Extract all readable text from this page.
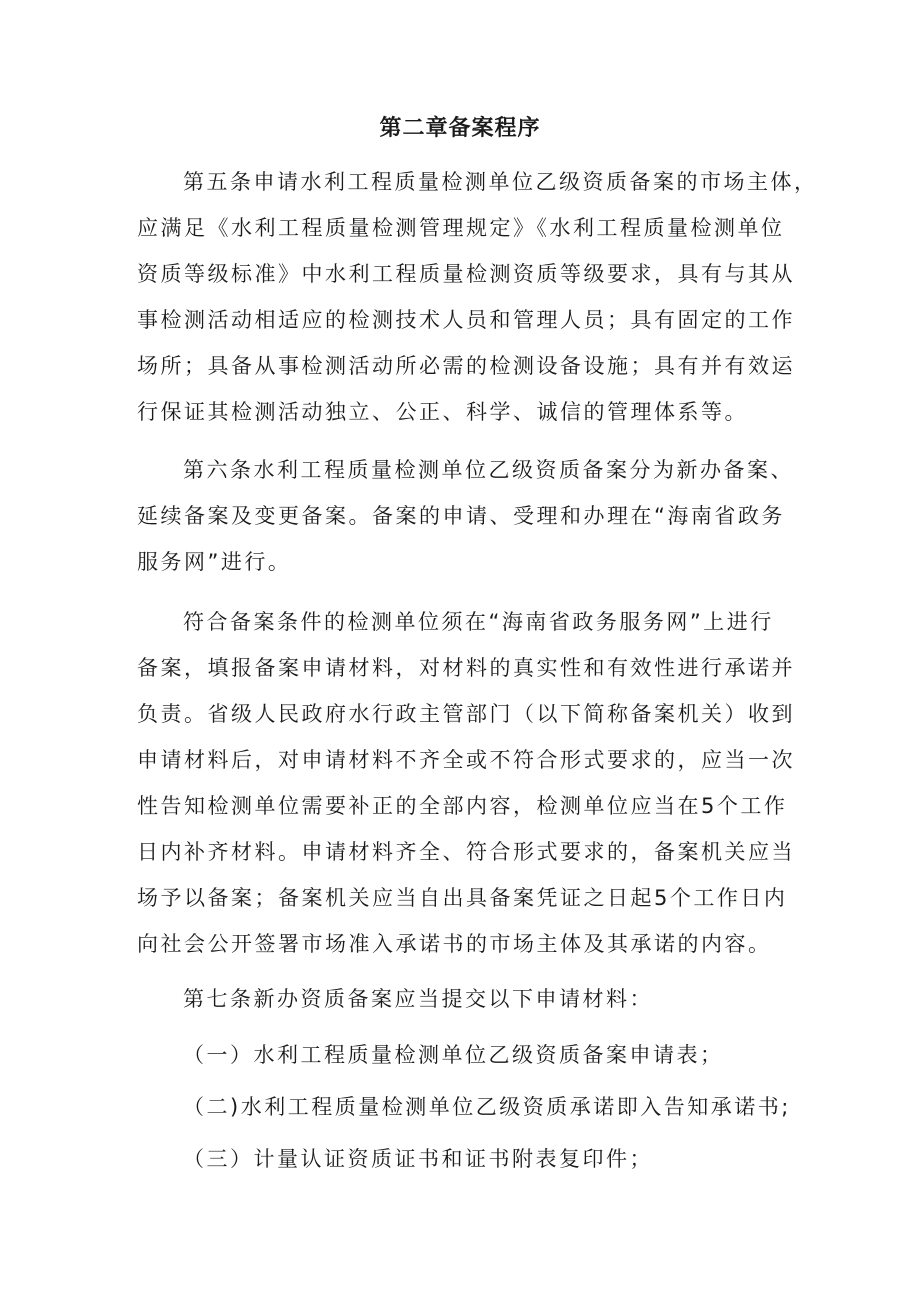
第二章备案程序
第五条申请水利工程质量检测单位乙级资质备案的市场主体，
应满足《水利工程质量检测管理规定》《水利工程质量检测单位
资质等级标准》中水利工程质量检测资质等级要求，具有与其从
事检测活动相适应的检测技术人员和管理人员；具有固定的工作
场所；具备从事检测活动所必需的检测设备设施；具有并有效运
行保证其检测活动独立、公正、科学、诚信的管理体系等。
第六条水利工程质量检测单位乙级资质备案分为新办备案、
延续备案及变更备案。备案的申请、受理和办理在“海南省政务
服务网”进行。
符合备案条件的检测单位须在“海南省政务服务网”上进行
备案，填报备案申请材料，对材料的真实性和有效性进行承诺并
负责。省级人民政府水行政主管部门（以下简称备案机关）收到
申请材料后，对申请材料不齐全或不符合形式要求的，应当一次
性告知检测单位需要补正的全部内容，检测单位应当在5个工作
日内补齐材料。申请材料齐全、符合形式要求的，备案机关应当
场予以备案；备案机关应当自出具备案凭证之日起5个工作日内
向社会公开签署市场准入承诺书的市场主体及其承诺的内容。
第七条新办资质备案应当提交以下申请材料：
（一）水利工程质量检测单位乙级资质备案申请表；
（二)水利工程质量检测单位乙级资质承诺即入告知承诺书;
（三）计量认证资质证书和证书附表复印件；
